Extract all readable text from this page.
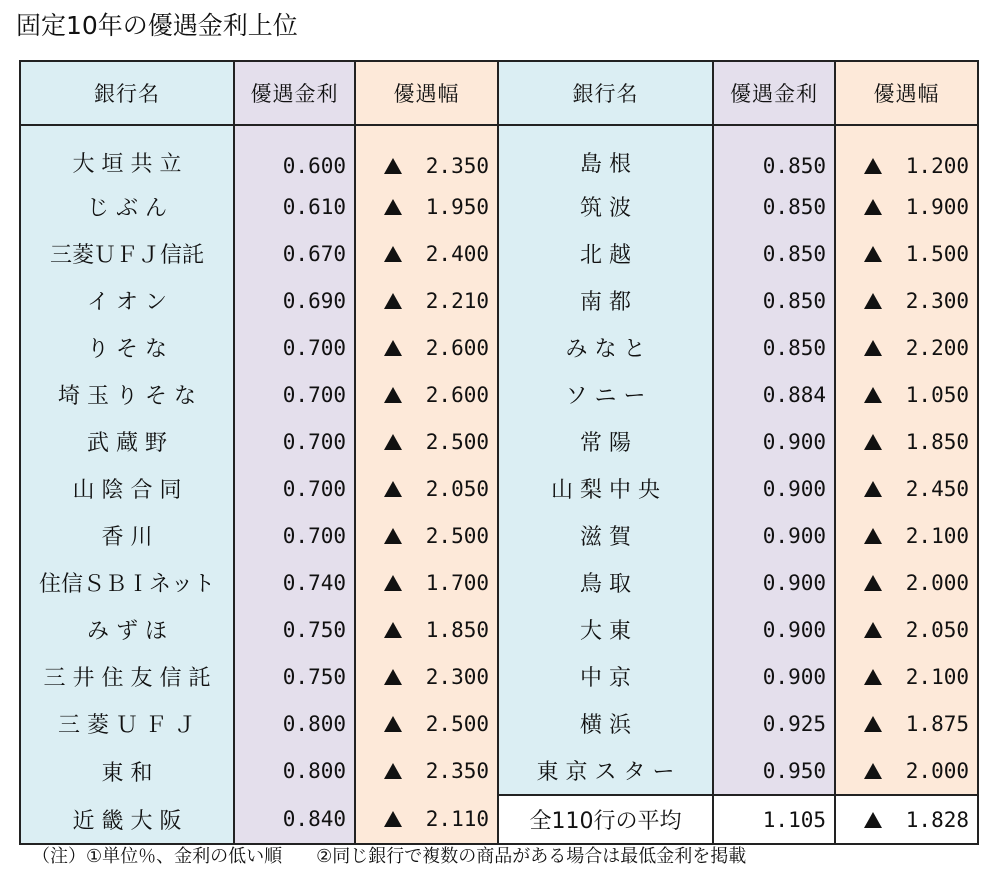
固定10年の優遇金利上位
銀行名	優遇金利	優遇幅	銀行名	優遇金利	優遇幅
大 垣 共 立	0.600	2.350	島 根	0.850	1.200

じ ぶ ん	0.610	1.950	筑 波	0.850	1.900

三菱ＵＦＪ信託	0.670	2.400	北 越	0.850	1.500

イ オ ン	0.690	2.210	南 都	0.850	2.300

り そ な	0.700	2.600	み な と	0.850	2.200

埼 玉 り そ な	0.700	2.600	ソ ニ ー	0.884	1.050

武 蔵 野	0.700	2.500	常 陽	0.900	1.850

山 陰 合 同	0.700	2.050	山 梨 中 央	0.900	2.450

香 川	0.700	2.500	滋 賀	0.900	2.100

住信ＳＢＩネット	0.740	1.700	鳥 取	0.900	2.000

み ず ほ	0.750	1.850	大 東	0.900	2.050

三 井 住 友 信 託	0.750	2.300	中 京	0.900	2.100

三 菱 Ｕ Ｆ Ｊ	0.800	2.500	横 浜	0.925	1.875

東 和	0.800	2.350	東 京 ス タ ー	0.950	2.000

近 畿 大 阪	0.840	2.110	全110行の平均	1.105	1.828
（注）①単位％、金利の低い順 ②同じ銀行で複数の商品がある場合は最低金利を掲載
